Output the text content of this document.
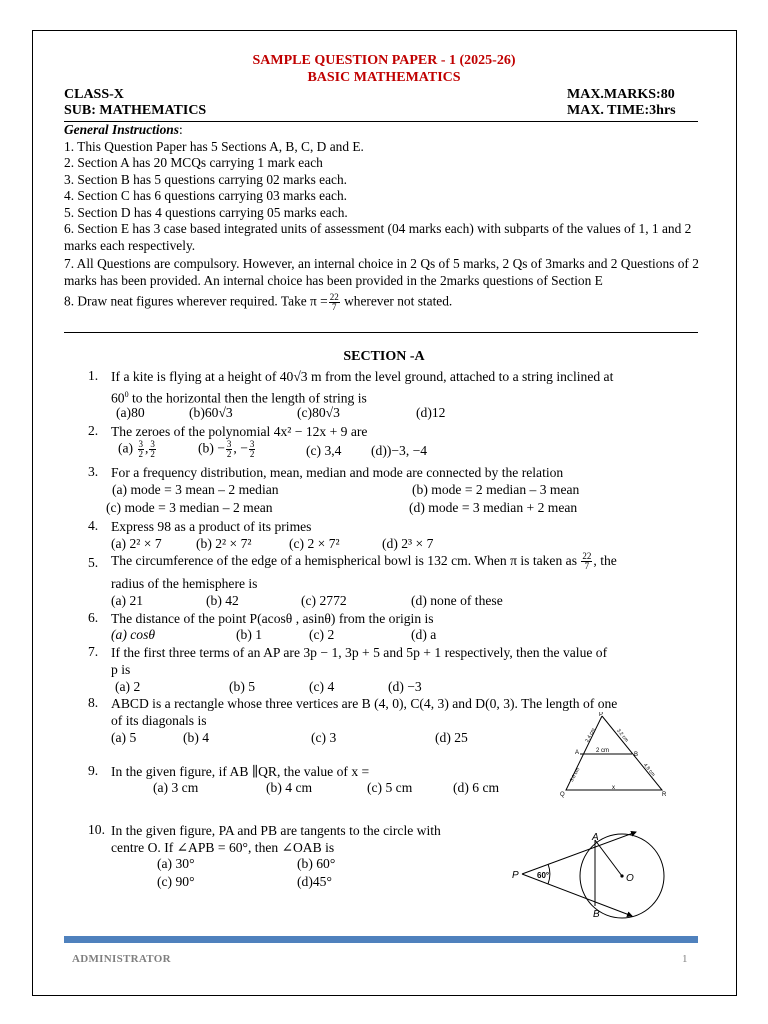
SAMPLE QUESTION PAPER - 1 (2025-26)
BASIC MATHEMATICS
CLASS-X	MAX.MARKS:80
SUB: MATHEMATICS	MAX. TIME:3hrs
General Instructions:
1. This Question Paper has 5 Sections A, B, C, D and E.
2. Section A has 20 MCQs carrying 1 mark each
3. Section B has 5 questions carrying 02 marks each.
4. Section C has 6 questions carrying 03 marks each.
5. Section D has 4 questions carrying 05 marks each.
6. Section E has 3 case based integrated units of assessment (04 marks each) with subparts of the values of 1, 1 and 2 marks each respectively.
7. All Questions are compulsory. However, an internal choice in 2 Qs of 5 marks, 2 Qs of 3marks and 2 Questions of 2 marks has been provided. An internal choice has been provided in the 2marks questions of Section E
8. Draw neat figures wherever required. Take $\pi = \frac{22}{7}$ wherever not stated.
SECTION -A
1. If a kite is flying at a height of 40√3 m from the level ground, attached to a string inclined at
$60^0$ to the horizontal then the length of string is
(a)80	(b)60√3	(c)80√3	(d)12
2. The zeroes of the polynomial 4x² − 12x + 9 are
$(a) \frac{3}{2}$ , $\frac{3}{2}$	$(b) - \frac{3}{2}$ , − $\frac{3}{2}$	(c) 3,4 (d))−3, −4
3. For a frequency distribution, mean, median and mode are connected by the relation
(a) mode = 3 mean – 2 median	(b) mode = 2 median – 3 mean
(c) mode = 3 median – 2 mean	(d) mode = 3 median + 2 mean
4. Express 98 as a product of its primes
(a) 2² × 7	(b) 2² × 7²	(c) 2 × 7²	(d) 2³ × 7
5. The circumference of the edge of a hemispherical bowl is 132 cm. When π is taken as $\frac{22}{7}$ , the
radius of the hemisphere is
(a) 21	(b) 42	(c) 2772	(d) none of these
6. The distance of the point P(acosθ , asinθ) from the origin is
(a) cosθ	(b) 1	(c) 2	(d) a
7. If the first three terms of an AP are 3p − 1, 3p + 5 and 5p + 1 respectively, then the value of
p is
(a) 2	(b) 5	(c) 4	(d) −3
8. ABCD is a rectangle whose three vertices are B (4, 0), C(4, 3) and D(0, 3). The length of one
of its diagonals is
(a) 5	(b) 4	(c) 3	(d) 25
9. In the given figure, if AB ∥QR, the value of x =
(a) 3 cm	(b) 4 cm	(c) 5 cm	(d) 6 cm
P
A	B
Q	R
x
2 cm
2.4 cm	3.2 cm
3.6 cm	4.8 cm
10. In the given figure, PA and PB are tangents to the circle with
centre O. If ∠APB = 60°, then ∠OAB is
(a) 30°	(b) 60°
(c) 90°	(d)45°	P
A
B
O
60°
ADMINISTRATOR	1
